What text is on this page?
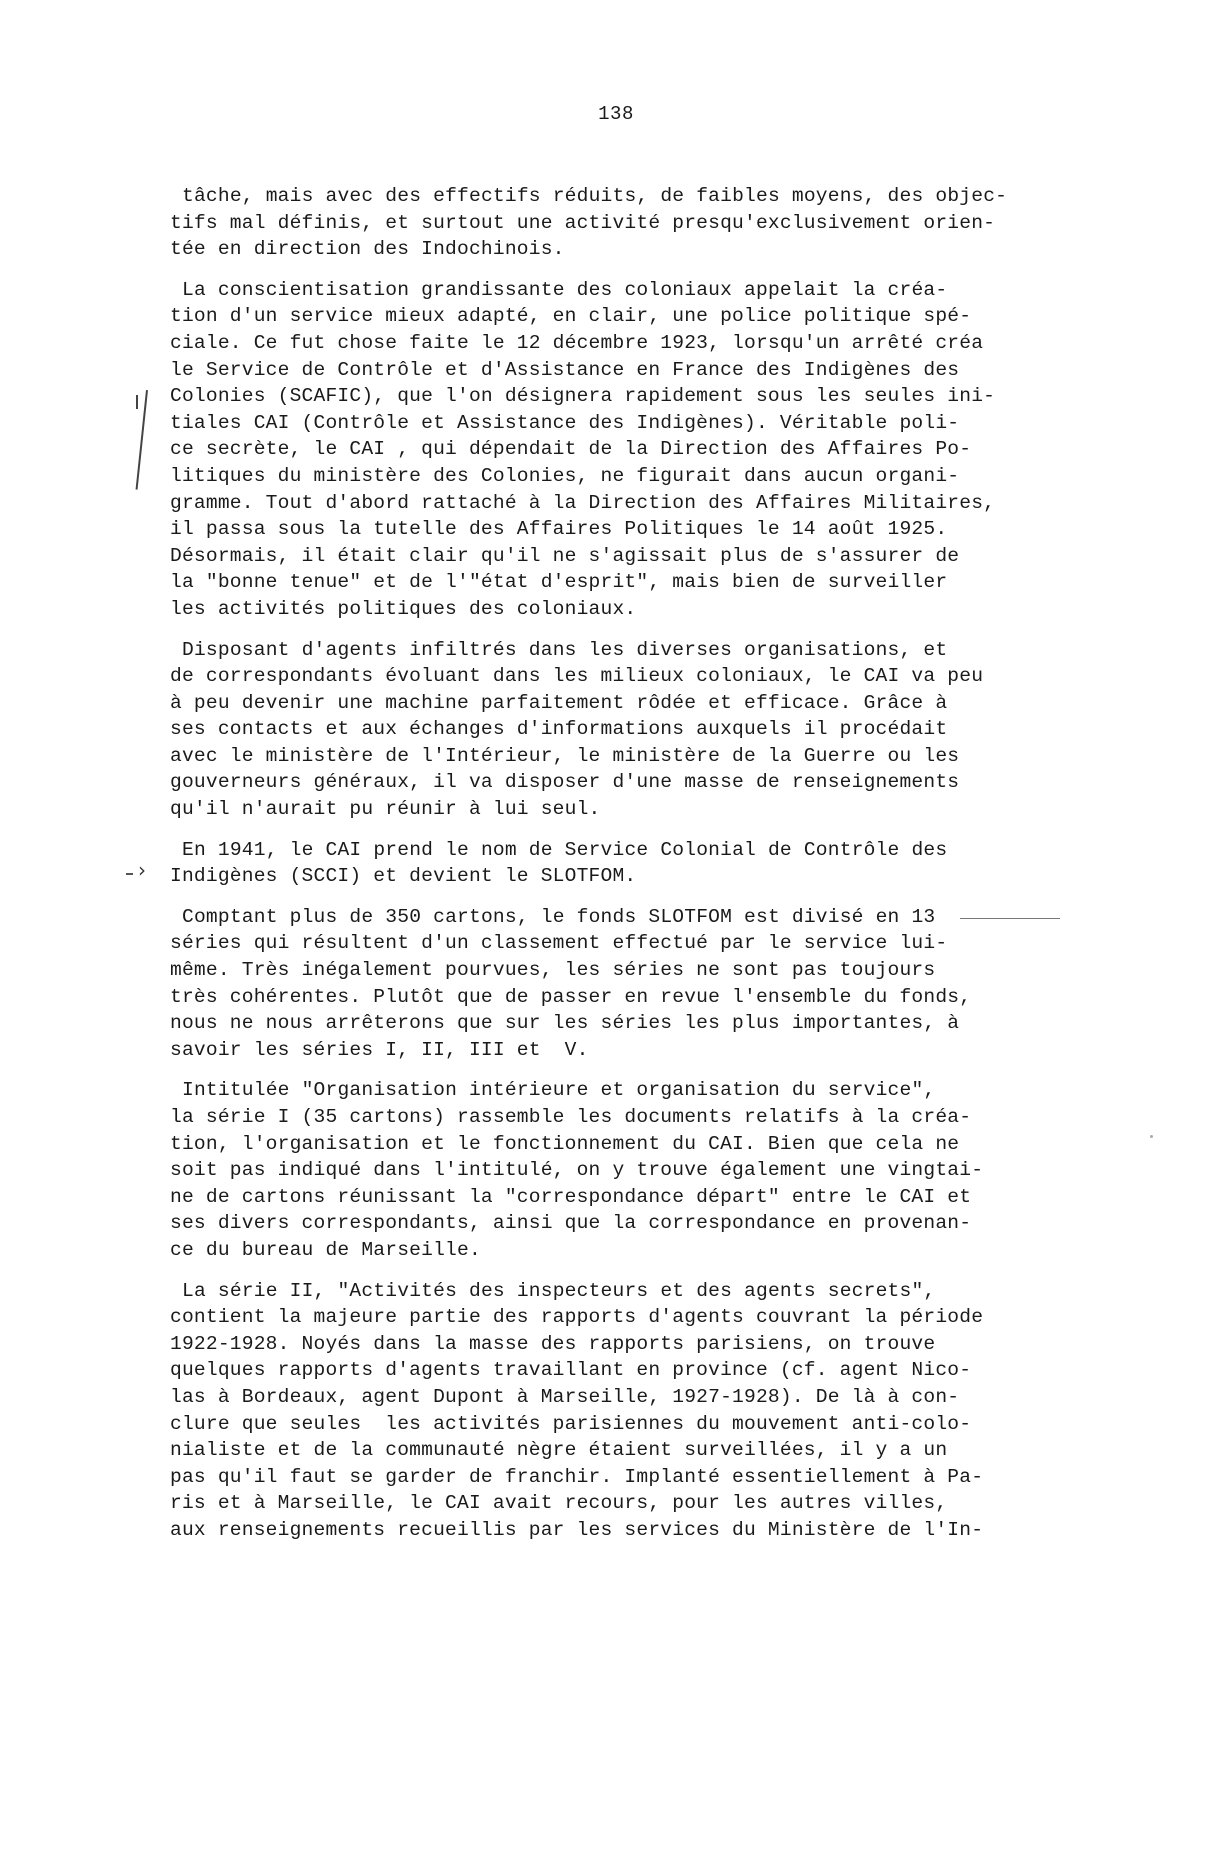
138
tâche, mais avec des effectifs réduits, de faibles moyens, des objec-
tifs mal définis, et surtout une activité presqu'exclusivement orien-
tée en direction des Indochinois.
La conscientisation grandissante des coloniaux appelait la créa-
tion d'un service mieux adapté, en clair, une police politique spé-
ciale. Ce fut chose faite le 12 décembre 1923, lorsqu'un arrêté créa
le Service de Contrôle et d'Assistance en France des Indigènes des
Colonies (SCAFIC), que l'on désignera rapidement sous les seules ini-
tiales CAI (Contrôle et Assistance des Indigènes). Véritable poli-
ce secrète, le CAI , qui dépendait de la Direction des Affaires Po-
litiques du ministère des Colonies, ne figurait dans aucun organi-
gramme. Tout d'abord rattaché à la Direction des Affaires Militaires,
il passa sous la tutelle des Affaires Politiques le 14 août 1925.
Désormais, il était clair qu'il ne s'agissait plus de s'assurer de
la "bonne tenue" et de l'"état d'esprit", mais bien de surveiller
les activités politiques des coloniaux.
Disposant d'agents infiltrés dans les diverses organisations, et
de correspondants évoluant dans les milieux coloniaux, le CAI va peu
à peu devenir une machine parfaitement rôdée et efficace. Grâce à
ses contacts et aux échanges d'informations auxquels il procédait
avec le ministère de l'Intérieur, le ministère de la Guerre ou les
gouverneurs généraux, il va disposer d'une masse de renseignements
qu'il n'aurait pu réunir à lui seul.
En 1941, le CAI prend le nom de Service Colonial de Contrôle des
Indigènes (SCCI) et devient le SLOTFOM.
Comptant plus de 350 cartons, le fonds SLOTFOM est divisé en 13
séries qui résultent d'un classement effectué par le service lui-
même. Très inégalement pourvues, les séries ne sont pas toujours
très cohérentes. Plutôt que de passer en revue l'ensemble du fonds,
nous ne nous arrêterons que sur les séries les plus importantes, à
savoir les séries I, II, III et  V.
Intitulée "Organisation intérieure et organisation du service",
la série I (35 cartons) rassemble les documents relatifs à la créa-
tion, l'organisation et le fonctionnement du CAI. Bien que cela ne
soit pas indiqué dans l'intitulé, on y trouve également une vingtai-
ne de cartons réunissant la "correspondance départ" entre le CAI et
ses divers correspondants, ainsi que la correspondance en provenan-
ce du bureau de Marseille.
La série II, "Activités des inspecteurs et des agents secrets",
contient la majeure partie des rapports d'agents couvrant la période
1922-1928. Noyés dans la masse des rapports parisiens, on trouve
quelques rapports d'agents travaillant en province (cf. agent Nico-
las à Bordeaux, agent Dupont à Marseille, 1927-1928). De là à con-
clure que seules  les activités parisiennes du mouvement anti-colo-
nialiste et de la communauté nègre étaient surveillées, il y a un
pas qu'il faut se garder de franchir. Implanté essentiellement à Pa-
ris et à Marseille, le CAI avait recours, pour les autres villes,
aux renseignements recueillis par les services du Ministère de l'In-
›
